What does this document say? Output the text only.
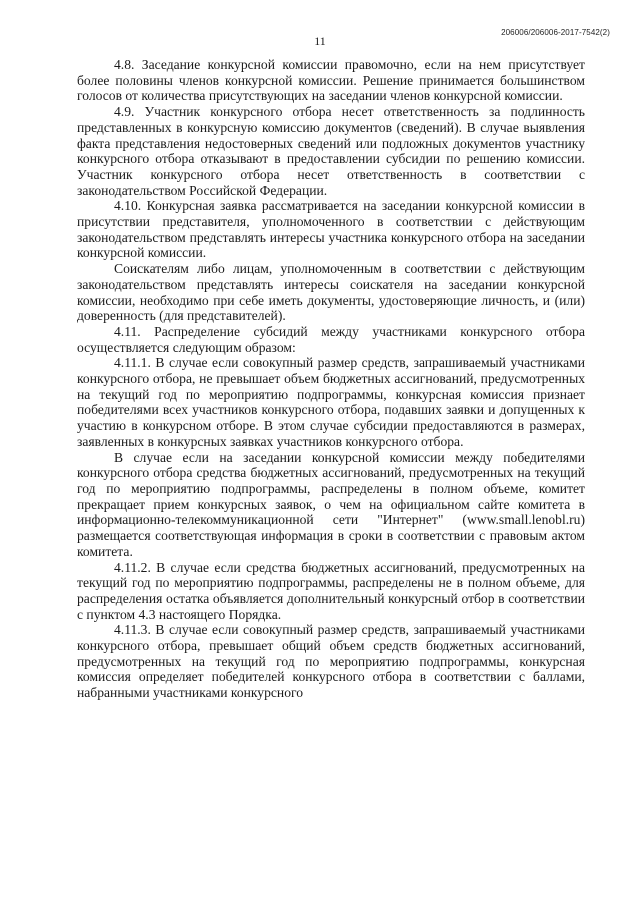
206006/206006-2017-7542(2)
11

4.8. Заседание конкурсной комиссии правомочно, если на нем присутствует более половины членов конкурсной комиссии. Решение принимается большинством голосов от количества присутствующих на заседании членов конкурсной комиссии.

4.9. Участник конкурсного отбора несет ответственность за подлинность представленных в конкурсную комиссию документов (сведений). В случае выявления факта представления недостоверных сведений или подложных документов участнику конкурсного отбора отказывают в предоставлении субсидии по решению комиссии. Участник конкурсного отбора несет ответственность в соответствии с законодательством Российской Федерации.

4.10. Конкурсная заявка рассматривается на заседании конкурсной комиссии в присутствии представителя, уполномоченного в соответствии с действующим законодательством представлять интересы участника конкурсного отбора на заседании конкурсной комиссии.

Соискателям либо лицам, уполномоченным в соответствии с действующим законодательством представлять интересы соискателя на заседании конкурсной комиссии, необходимо при себе иметь документы, удостоверяющие личность, и (или) доверенность (для представителей).

4.11. Распределение субсидий между участниками конкурсного отбора осуществляется следующим образом:

4.11.1. В случае если совокупный размер средств, запрашиваемый участниками конкурсного отбора, не превышает объем бюджетных ассигнований, предусмотренных на текущий год по мероприятию подпрограммы, конкурсная комиссия признает победителями всех участников конкурсного отбора, подавших заявки и допущенных к участию в конкурсном отборе. В этом случае субсидии предоставляются в размерах, заявленных в конкурсных заявках участников конкурсного отбора.

В случае если на заседании конкурсной комиссии между победителями конкурсного отбора средства бюджетных ассигнований, предусмотренных на текущий год по мероприятию подпрограммы, распределены в полном объеме, комитет прекращает прием конкурсных заявок, о чем на официальном сайте комитета в информационно-телекоммуникационной сети "Интернет" (www.small.lenobl.ru) размещается соответствующая информация в сроки в соответствии с правовым актом комитета.

4.11.2. В случае если средства бюджетных ассигнований, предусмотренных на текущий год по мероприятию подпрограммы, распределены не в полном объеме, для распределения остатка объявляется дополнительный конкурсный отбор в соответствии с пунктом 4.3 настоящего Порядка.

4.11.3. В случае если совокупный размер средств, запрашиваемый участниками конкурсного отбора, превышает общий объем средств бюджетных ассигнований, предусмотренных на текущий год по мероприятию подпрограммы, конкурсная комиссия определяет победителей конкурсного отбора в соответствии с баллами, набранными участниками конкурсного
